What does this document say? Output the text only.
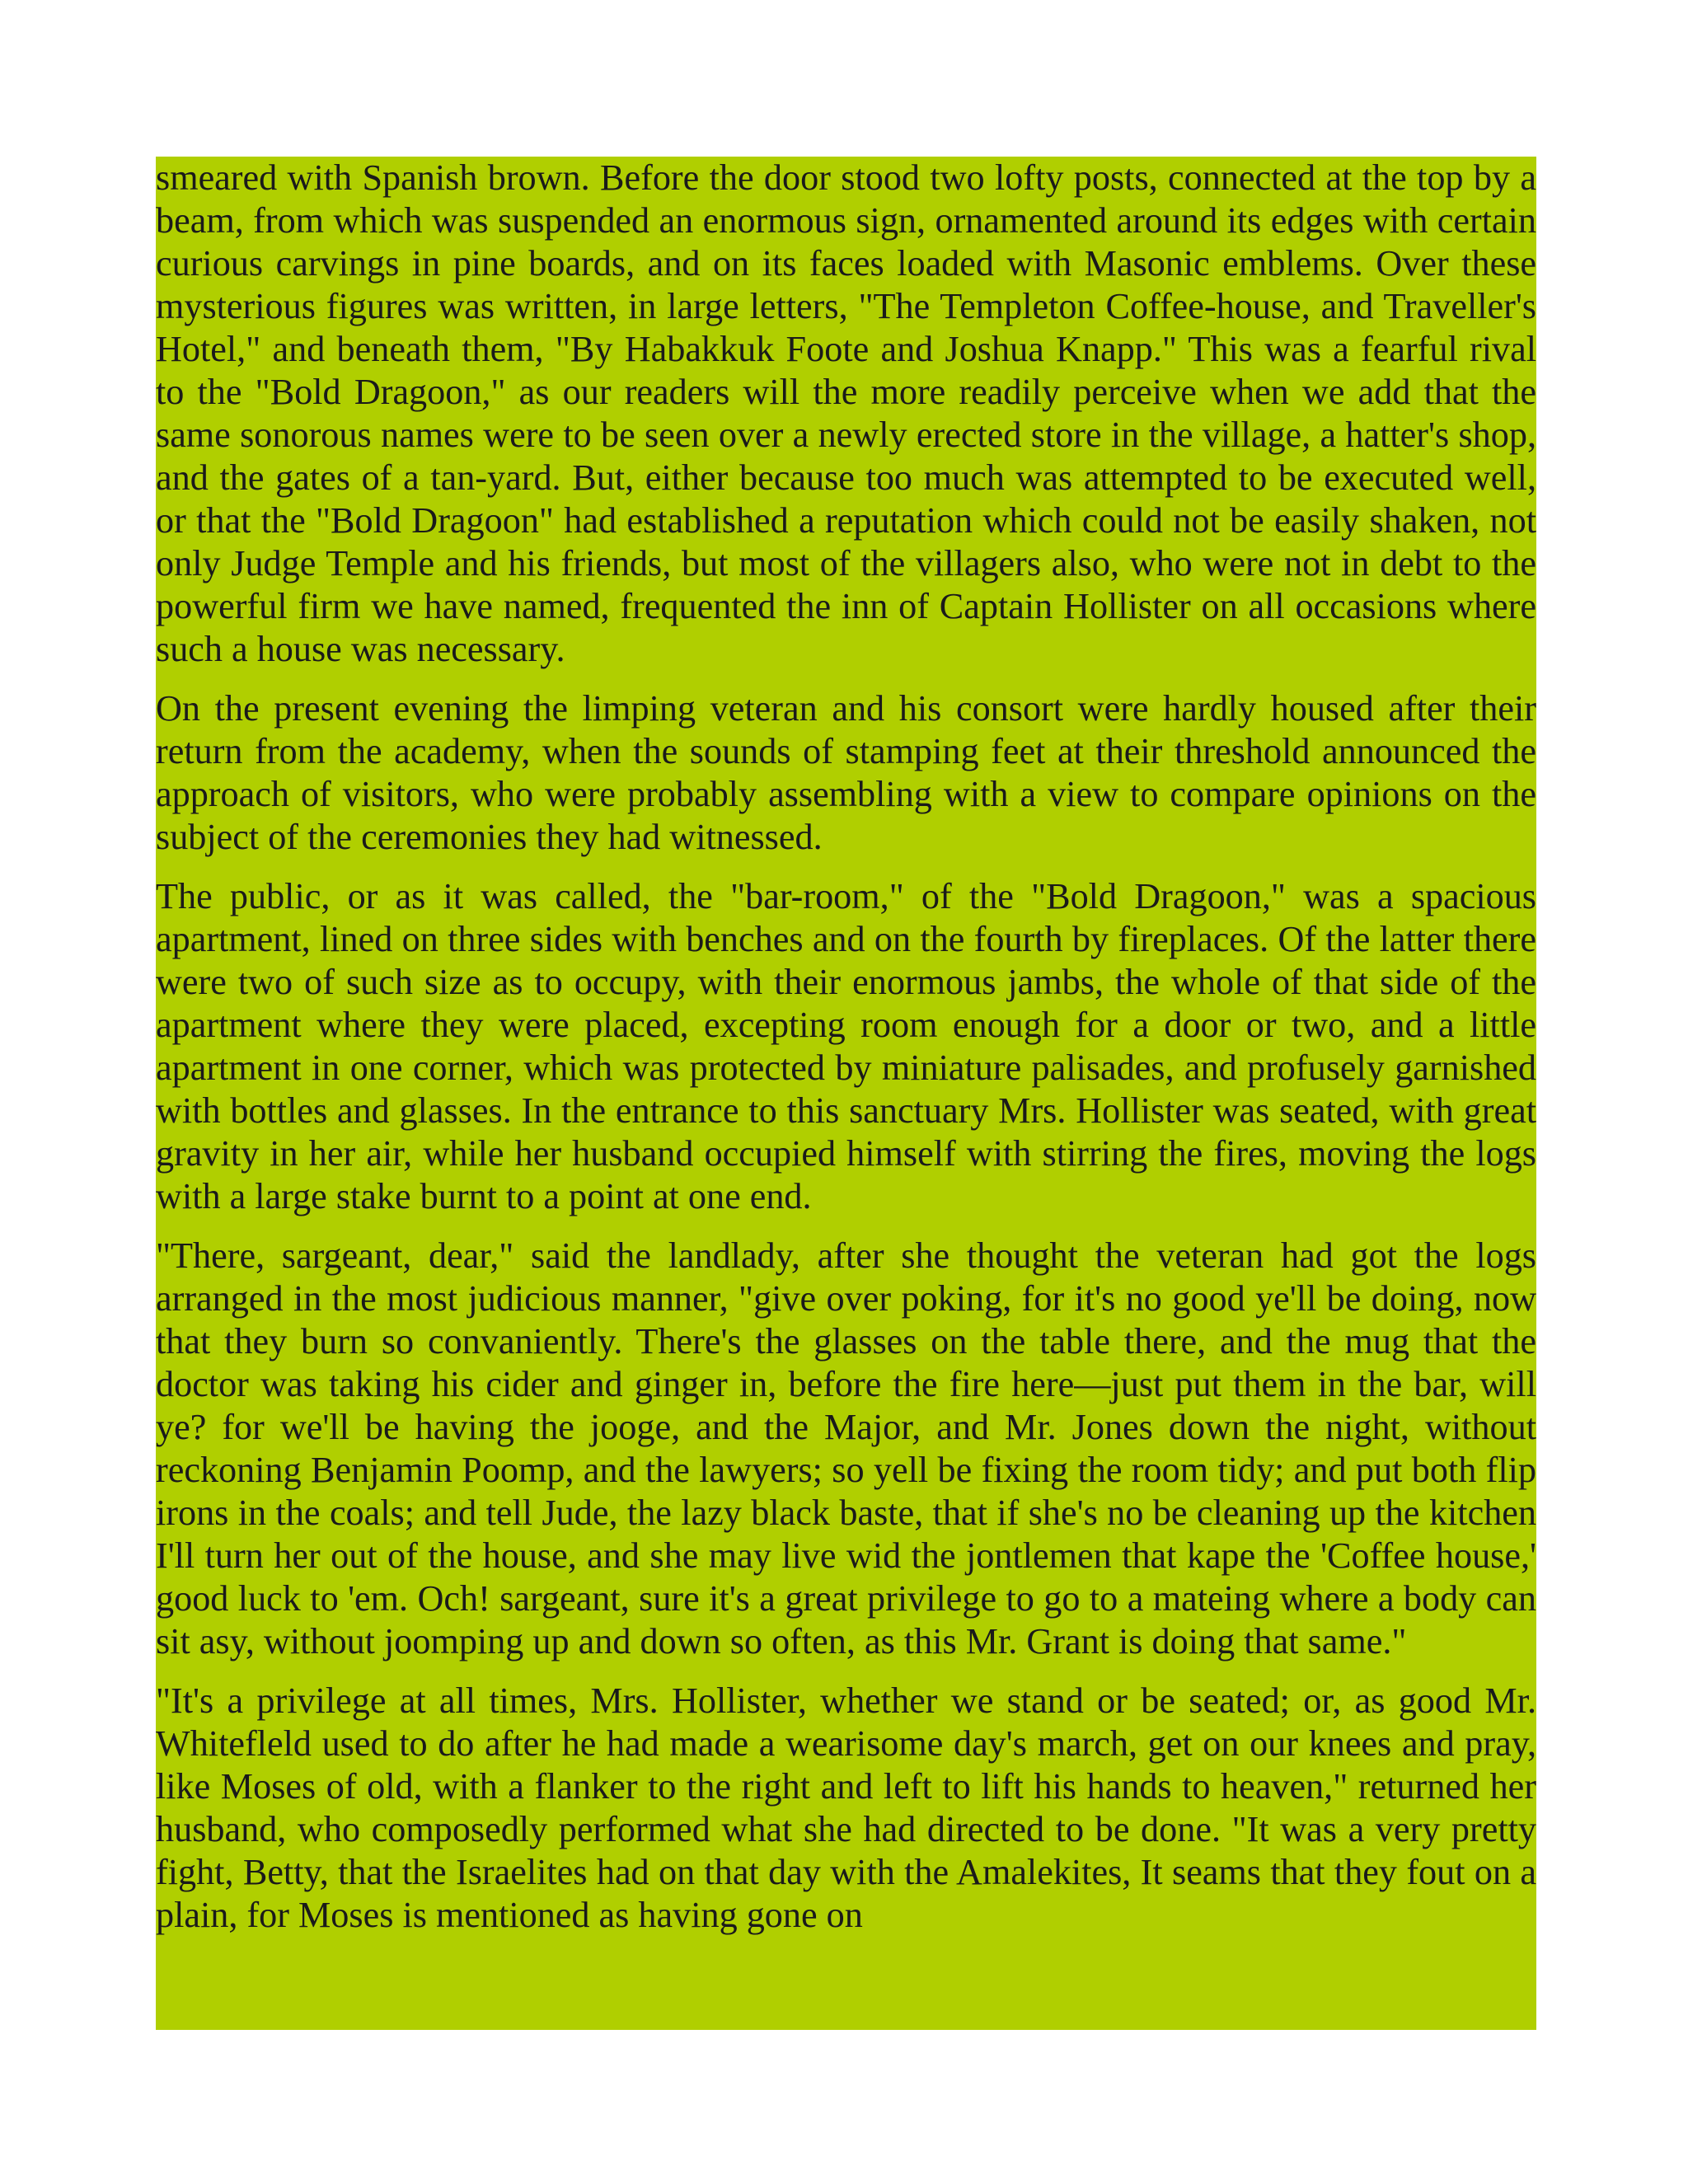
smeared with Spanish brown. Before the door stood two lofty posts, connected at the top by a beam, from which was suspended an enormous sign, ornamented around its edges with certain curious carvings in pine boards, and on its faces loaded with Masonic emblems. Over these mysterious figures was written, in large letters, "The Templeton Coffee-house, and Traveller's Hotel," and beneath them, "By Habakkuk Foote and Joshua Knapp." This was a fearful rival to the "Bold Dragoon," as our readers will the more readily perceive when we add that the same sonorous names were to be seen over a newly erected store in the village, a hatter's shop, and the gates of a tan-yard. But, either because too much was attempted to be executed well, or that the "Bold Dragoon" had established a reputation which could not be easily shaken, not only Judge Temple and his friends, but most of the villagers also, who were not in debt to the powerful firm we have named, frequented the inn of Captain Hollister on all occasions where such a house was necessary.

On the present evening the limping veteran and his consort were hardly housed after their return from the academy, when the sounds of stamping feet at their threshold announced the approach of visitors, who were probably assembling with a view to compare opinions on the subject of the ceremonies they had witnessed.

The public, or as it was called, the "bar-room," of the "Bold Dragoon," was a spacious apartment, lined on three sides with benches and on the fourth by fireplaces. Of the latter there were two of such size as to occupy, with their enormous jambs, the whole of that side of the apartment where they were placed, excepting room enough for a door or two, and a little apartment in one corner, which was protected by miniature palisades, and profusely garnished with bottles and glasses. In the entrance to this sanctuary Mrs. Hollister was seated, with great gravity in her air, while her husband occupied himself with stirring the fires, moving the logs with a large stake burnt to a point at one end.

"There, sargeant, dear," said the landlady, after she thought the veteran had got the logs arranged in the most judicious manner, "give over poking, for it's no good ye'll be doing, now that they burn so convaniently. There's the glasses on the table there, and the mug that the doctor was taking his cider and ginger in, before the fire here—just put them in the bar, will ye? for we'll be having the jooge, and the Major, and Mr. Jones down the night, without reckoning Benjamin Poomp, and the lawyers; so yell be fixing the room tidy; and put both flip irons in the coals; and tell Jude, the lazy black baste, that if she's no be cleaning up the kitchen I'll turn her out of the house, and she may live wid the jontlemen that kape the 'Coffee house,' good luck to 'em. Och! sargeant, sure it's a great privilege to go to a mateing where a body can sit asy, without joomping up and down so often, as this Mr. Grant is doing that same."

"It's a privilege at all times, Mrs. Hollister, whether we stand or be seated; or, as good Mr. Whitefleld used to do after he had made a wearisome day's march, get on our knees and pray, like Moses of old, with a flanker to the right and left to lift his hands to heaven," returned her husband, who composedly performed what she had directed to be done. "It was a very pretty fight, Betty, that the Israelites had on that day with the Amalekites, It seams that they fout on a plain, for Moses is mentioned as having gone on
